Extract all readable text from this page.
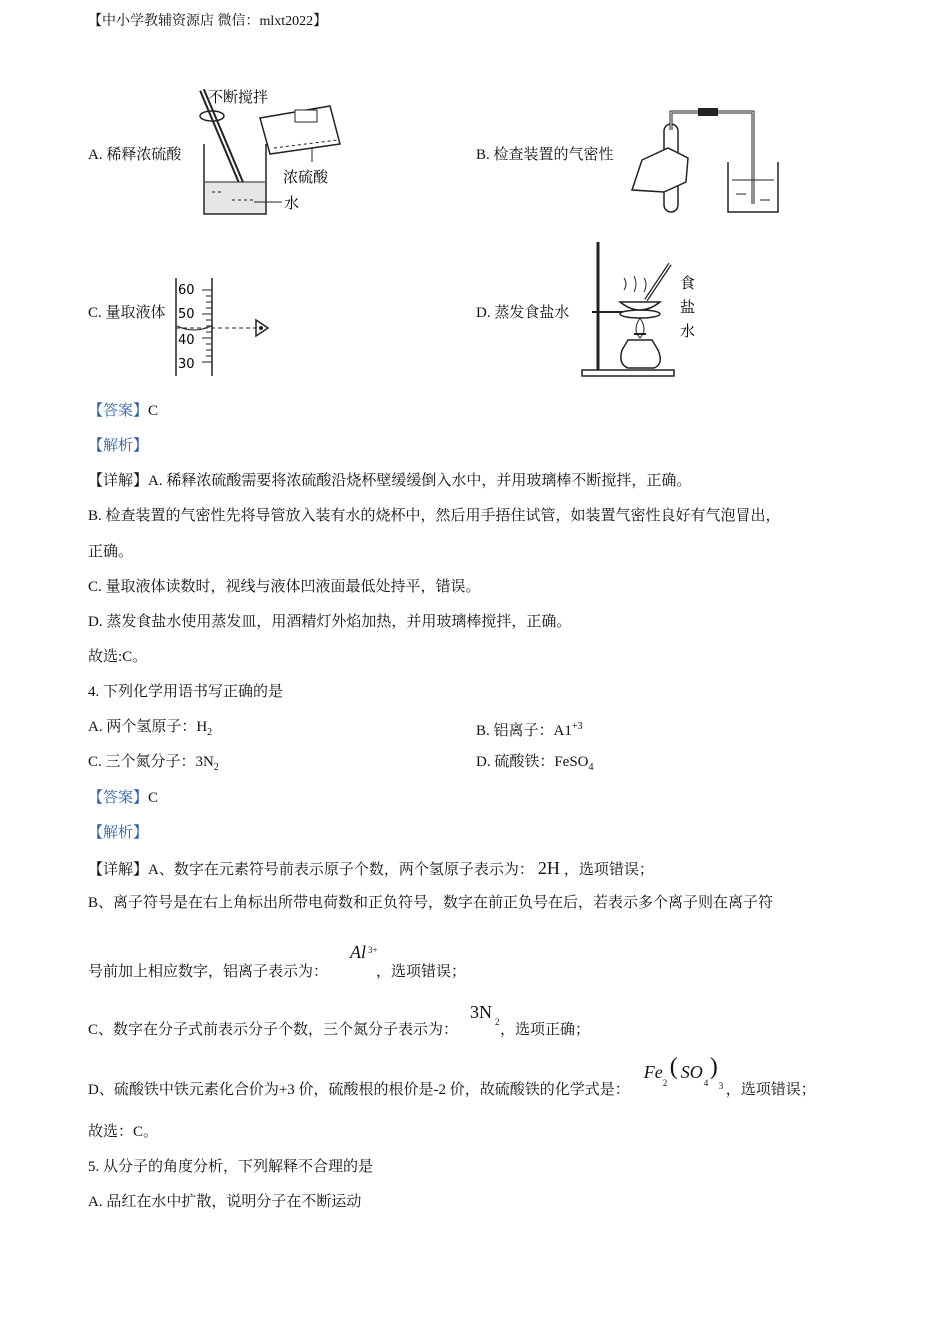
【中小学教辅资源店 微信：mlxt2022】
A. 稀释浓硫酸	B. 检查装置的气密性
C. 量取液体	D. 蒸发食盐水
不断搅拌
浓硫酸
水
60
50
40
30
食
盐
水
【答案】C
【解析】
【详解】A. 稀释浓硫酸需要将浓硫酸沿烧杯壁缓缓倒入水中，并用玻璃棒不断搅拌，正确。
B. 检查装置的气密性先将导管放入装有水的烧杯中，然后用手捂住试管，如装置气密性良好有气泡冒出，
正确。
C. 量取液体读数时，视线与液体凹液面最低处持平，错误。
D. 蒸发食盐水使用蒸发皿，用酒精灯外焰加热，并用玻璃棒搅拌，正确。
故选:C。
4. 下列化学用语书写正确的是
A. 两个氢原子：$H_2$	B. 铝离子：$A1^{+3}$
C. 三个氮分子：$3N_2$	D. 硫酸铁：FeSO$_4$
【答案】C
【解析】
【详解】A、数字在元素符号前表示原子个数，两个氢原子表示为： 2H ，选项错误；
B、离子符号是在右上角标出所带电荷数和正负符号，数字在前正负号在后，若表示多个离子则在离子符
号前加上相应数字，铝离子表示为：
Al 3+
，选项错误；
C、数字在分子式前表示分子个数，三个氮分子表示为：
3N 2 ，选项正确；
D、硫酸铁中铁元素化合价为+3 价，硫酸根的根价是-2 价，故硫酸铁的化学式是：
Fe
2
( SO
4
)
3 ，选项错误；
故选：C。
5. 从分子的角度分析，下列解释不合理的是
A. 品红在水中扩散，说明分子在不断运动
